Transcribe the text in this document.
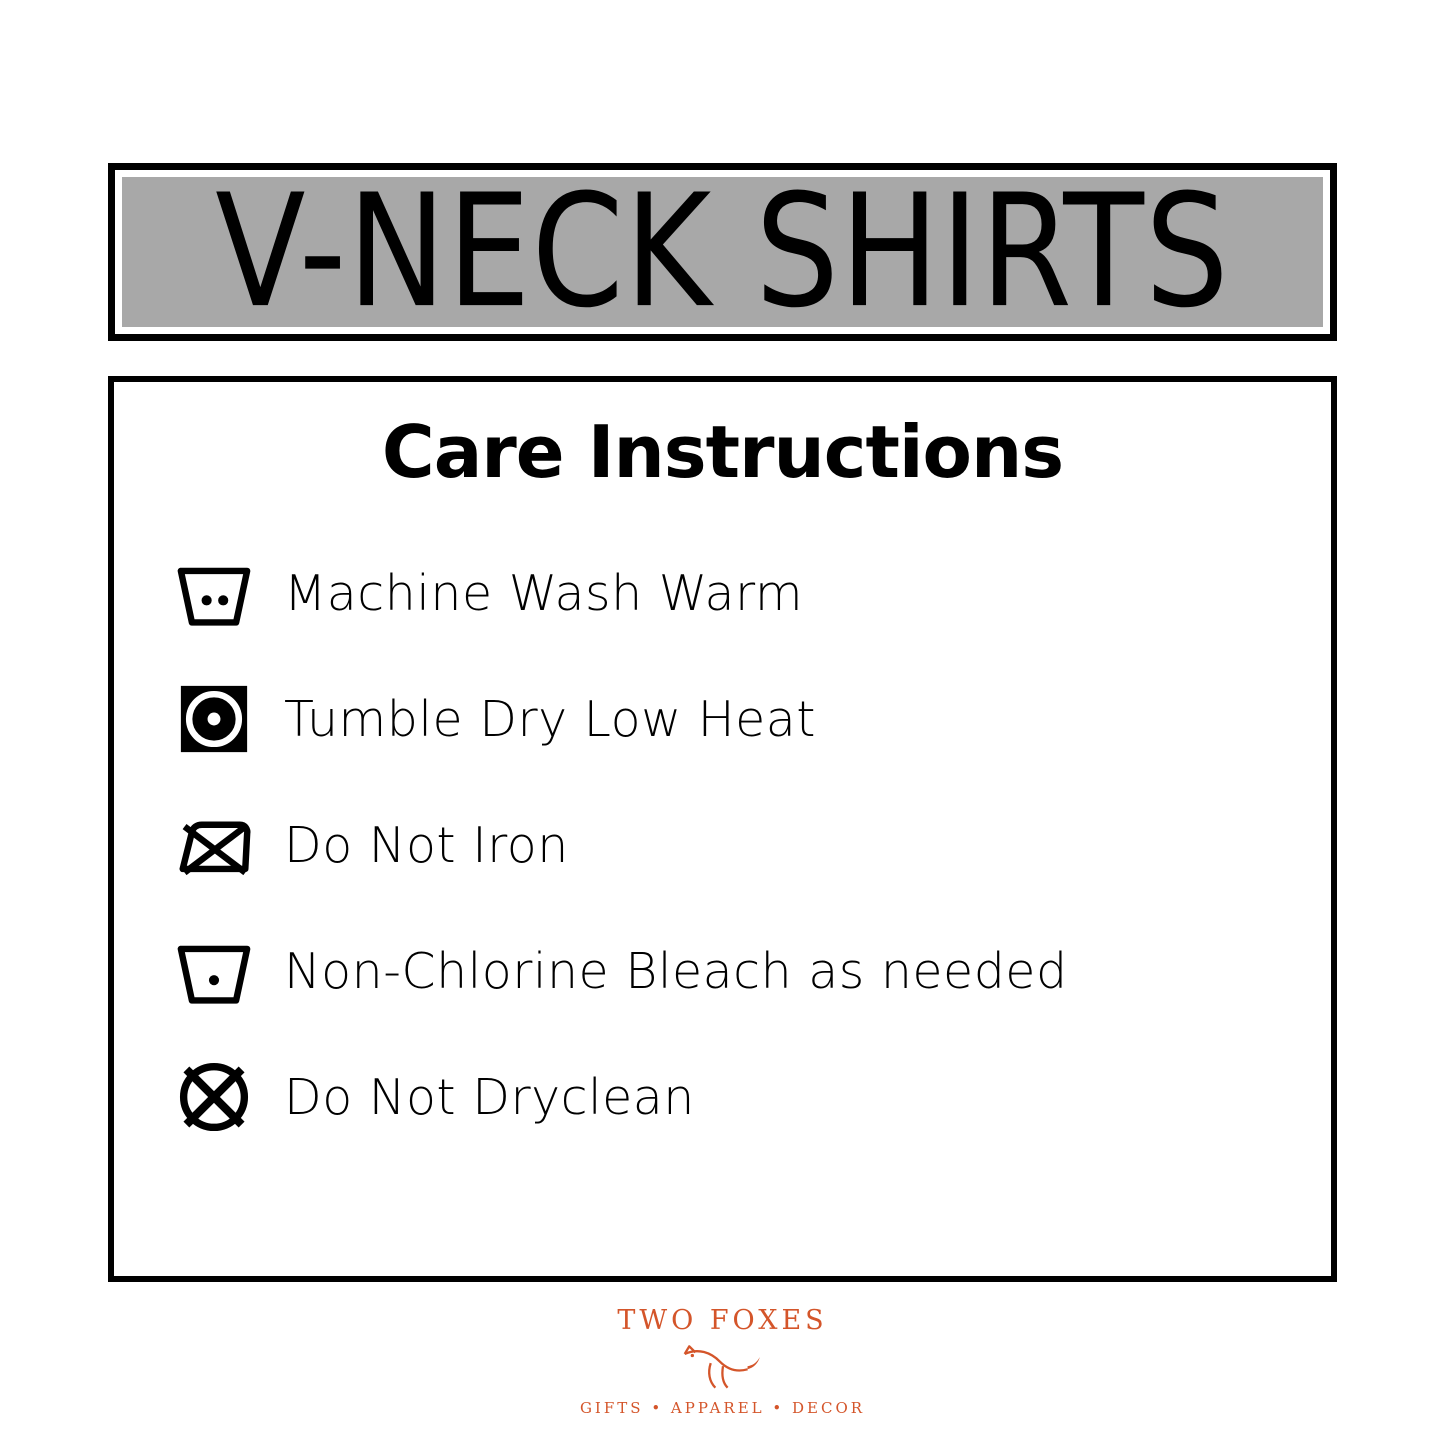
V-NECK SHIRTS
Care Instructions
Machine Wash Warm
Tumble Dry Low Heat
Do Not Iron
Non-Chlorine Bleach as needed
Do Not Dryclean
TWO FOXES
GIFTS • APPAREL • DECOR
